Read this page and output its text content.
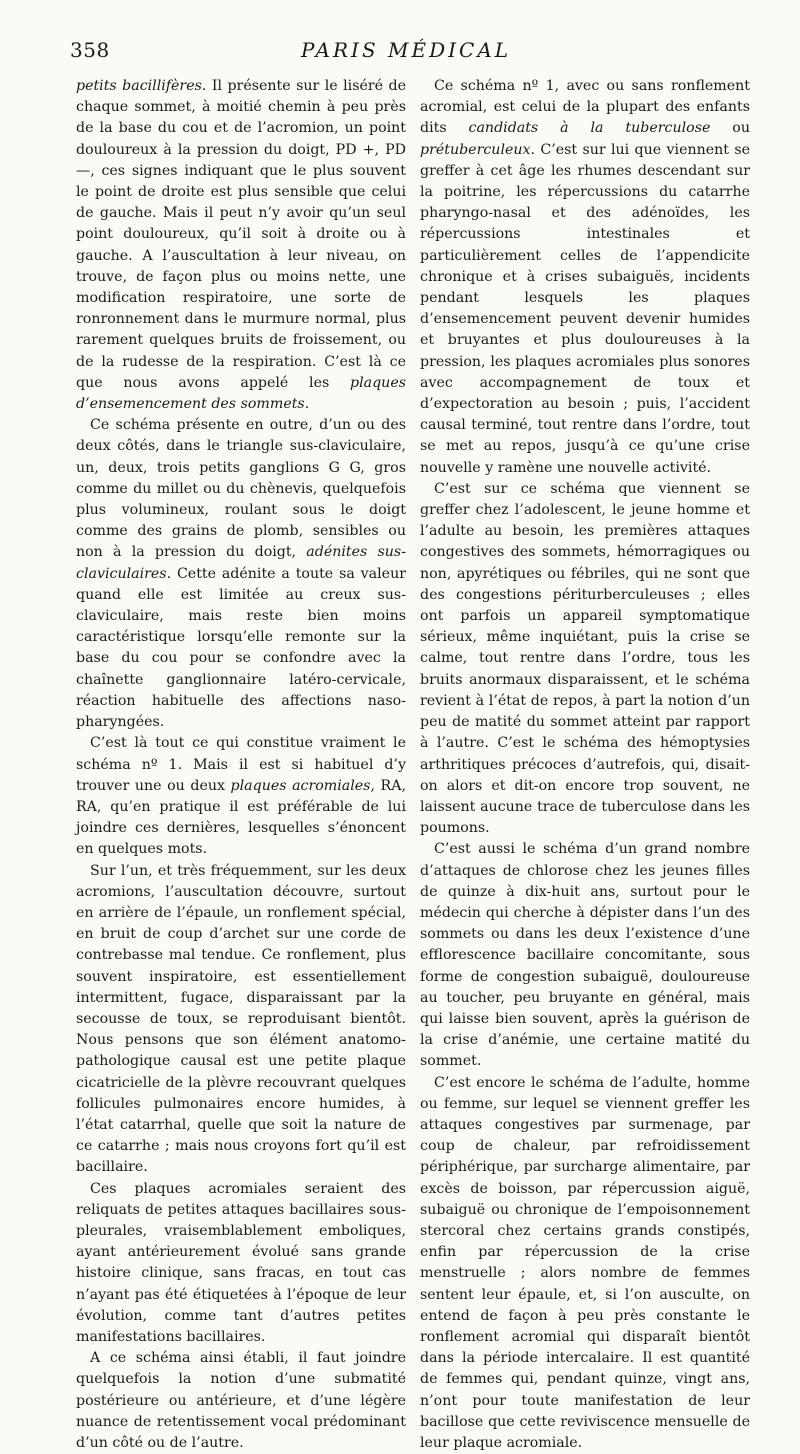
358	PARIS MÉDICAL

petits bacillifères. Il présente sur le liséré de chaque sommet, à moitié chemin à peu près de la base du cou et de l’acromion, un point douloureux à la pression du doigt, PD +, PD —, ces signes indiquant que le plus souvent le point de droite est plus sensible que celui de gauche. Mais il peut n’y avoir qu’un seul point douloureux, qu’il soit à droite ou à gauche. A l’auscultation à leur niveau, on trouve, de façon plus ou moins nette, une modification respiratoire, une sorte de ronronnement dans le murmure normal, plus rarement quelques bruits de froissement, ou de la rudesse de la respiration. C’est là ce que nous avons appelé les plaques d’ensemencement des sommets.

Ce schéma présente en outre, d’un ou des deux côtés, dans le triangle sus-claviculaire, un, deux, trois petits ganglions G G, gros comme du millet ou du chènevis, quelquefois plus volumineux, roulant sous le doigt comme des grains de plomb, sensibles ou non à la pression du doigt, adénites sus-claviculaires. Cette adénite a toute sa valeur quand elle est limitée au creux sus-claviculaire, mais reste bien moins caractéristique lorsqu’elle remonte sur la base du cou pour se confondre avec la chaînette ganglionnaire latéro-cervicale, réaction habituelle des affections naso-pharyngées.

C’est là tout ce qui constitue vraiment le schéma nº 1. Mais il est si habituel d’y trouver une ou deux plaques acromiales, RA, RA, qu’en pratique il est préférable de lui joindre ces dernières, lesquelles s’énoncent en quelques mots.

Sur l’un, et très fréquemment, sur les deux acromions, l’auscultation découvre, surtout en arrière de l’épaule, un ronflement spécial, en bruit de coup d’archet sur une corde de contrebasse mal tendue. Ce ronflement, plus souvent inspiratoire, est essentiellement intermittent, fugace, disparaissant par la secousse de toux, se reproduisant bientôt. Nous pensons que son élément anatomo-pathologique causal est une petite plaque cicatricielle de la plèvre recouvrant quelques follicules pulmonaires encore humides, à l’état catarrhal, quelle que soit la nature de ce catarrhe ; mais nous croyons fort qu’il est bacillaire.

Ces plaques acromiales seraient des reliquats de petites attaques bacillaires sous-pleurales, vraisemblablement emboliques, ayant antérieurement évolué sans grande histoire clinique, sans fracas, en tout cas n’ayant pas été étiquetées à l’époque de leur évolution, comme tant d’autres petites manifestations bacillaires.

A ce schéma ainsi établi, il faut joindre quelquefois la notion d’une submatité postérieure ou antérieure, et d’une légère nuance de retentissement vocal prédominant d’un côté ou de l’autre.

Ce schéma nº 1, avec ou sans ronflement acromial, est celui de la plupart des enfants dits candidats à la tuberculose ou prétuberculeux. C’est sur lui que viennent se greffer à cet âge les rhumes descendant sur la poitrine, les répercussions du catarrhe pharyngo-nasal et des adénoïdes, les répercussions intestinales et particulièrement celles de l’appendicite chronique et à crises subaiguës, incidents pendant lesquels les plaques d’ensemencement peuvent devenir humides et bruyantes et plus douloureuses à la pression, les plaques acromiales plus sonores avec accompagnement de toux et d’expectoration au besoin ; puis, l’accident causal terminé, tout rentre dans l’ordre, tout se met au repos, jusqu’à ce qu’une crise nouvelle y ramène une nouvelle activité.

C’est sur ce schéma que viennent se greffer chez l’adolescent, le jeune homme et l’adulte au besoin, les premières attaques congestives des sommets, hémorragiques ou non, apyrétiques ou fébriles, qui ne sont que des congestions périturberculeuses ; elles ont parfois un appareil symptomatique sérieux, même inquiétant, puis la crise se calme, tout rentre dans l’ordre, tous les bruits anormaux disparaissent, et le schéma revient à l’état de repos, à part la notion d’un peu de matité du sommet atteint par rapport à l’autre. C’est le schéma des hémoptysies arthritiques précoces d’autrefois, qui, disait-on alors et dit-on encore trop souvent, ne laissent aucune trace de tuberculose dans les poumons.

C’est aussi le schéma d’un grand nombre d’attaques de chlorose chez les jeunes filles de quinze à dix-huit ans, surtout pour le médecin qui cherche à dépister dans l’un des sommets ou dans les deux l’existence d’une efflorescence bacillaire concomitante, sous forme de congestion subaiguë, douloureuse au toucher, peu bruyante en général, mais qui laisse bien souvent, après la guérison de la crise d’anémie, une certaine matité du sommet.

C’est encore le schéma de l’adulte, homme ou femme, sur lequel se viennent greffer les attaques congestives par surmenage, par coup de chaleur, par refroidissement périphérique, par surcharge alimentaire, par excès de boisson, par répercussion aiguë, subaiguë ou chronique de l’empoisonnement stercoral chez certains grands constipés, enfin par répercussion de la crise menstruelle ; alors nombre de femmes sentent leur épaule, et, si l’on ausculte, on entend de façon à peu près constante le ronflement acromial qui disparaît bientôt dans la période intercalaire. Il est quantité de femmes qui, pendant quinze, vingt ans, n’ont pour toute manifestation de leur bacillose que cette reviviscence mensuelle de leur plaque acromiale.
